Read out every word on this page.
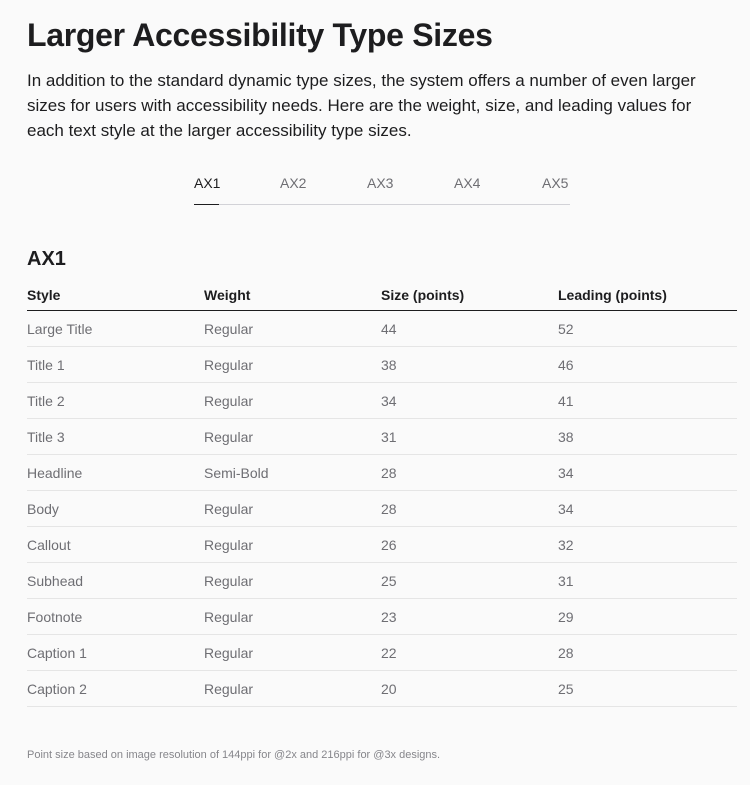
Larger Accessibility Type Sizes

In addition to the standard dynamic type sizes, the system offers a number of even larger sizes for users with accessibility needs. Here are the weight, size, and leading values for each text style at the larger accessibility type sizes.

AX1	AX2	AX3	AX4	AX5
AX1
Style	Weight	Size (points)	Leading (points)
Large Title	Regular	44	52
Title 1	Regular	38	46
Title 2	Regular	34	41
Title 3	Regular	31	38
Headline	Semi-Bold	28	34
Body	Regular	28	34
Callout	Regular	26	32
Subhead	Regular	25	31
Footnote	Regular	23	29
Caption 1	Regular	22	28
Caption 2	Regular	20	25

Point size based on image resolution of 144ppi for @2x and 216ppi for @3x designs.
